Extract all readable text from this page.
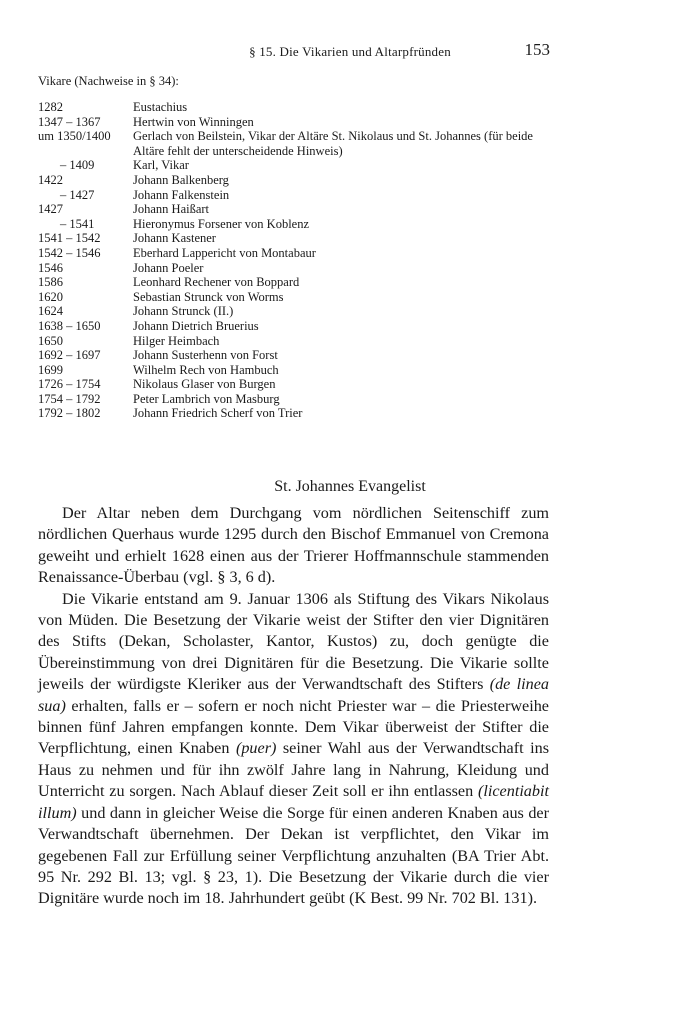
§ 15. Die Vikarien und Altarpfründen	153
Vikare (Nachweise in § 34):
1282	Eustachius
1347 – 1367	Hertwin von Winningen
um 1350/1400	Gerlach von Beilstein, Vikar der Altäre St. Nikolaus und St. Johannes (für beide Altäre fehlt der unterscheidende Hinweis)
– 1409	Karl, Vikar
1422	Johann Balkenberg
– 1427	Johann Falkenstein
1427	Johann Haißart
– 1541	Hieronymus Forsener von Koblenz
1541 – 1542	Johann Kastener
1542 – 1546	Eberhard Lappericht von Montabaur
1546	Johann Poeler
1586	Leonhard Rechener von Boppard
1620	Sebastian Strunck von Worms
1624	Johann Strunck (II.)
1638 – 1650	Johann Dietrich Bruerius
1650	Hilger Heimbach
1692 – 1697	Johann Susterhenn von Forst
1699	Wilhelm Rech von Hambuch
1726 – 1754	Nikolaus Glaser von Burgen
1754 – 1792	Peter Lambrich von Masburg
1792 – 1802	Johann Friedrich Scherf von Trier
St. Johannes Evangelist

Der Altar neben dem Durchgang vom nördlichen Seitenschiff zum nördlichen Querhaus wurde 1295 durch den Bischof Emmanuel von Cremona geweiht und erhielt 1628 einen aus der Trierer Hoffmannschule stammenden Renaissance-Überbau (vgl. § 3, 6 d).

Die Vikarie entstand am 9. Januar 1306 als Stiftung des Vikars Nikolaus von Müden. Die Besetzung der Vikarie weist der Stifter den vier Dignitären des Stifts (Dekan, Scholaster, Kantor, Kustos) zu, doch genügte die Übereinstimmung von drei Dignitären für die Besetzung. Die Vikarie sollte jeweils der würdigste Kleriker aus der Verwandtschaft des Stifters (de linea sua) erhalten, falls er – sofern er noch nicht Priester war – die Priesterweihe binnen fünf Jahren empfangen konnte. Dem Vikar überweist der Stifter die Verpflichtung, einen Knaben (puer) seiner Wahl aus der Verwandtschaft ins Haus zu nehmen und für ihn zwölf Jahre lang in Nahrung, Kleidung und Unterricht zu sorgen. Nach Ablauf dieser Zeit soll er ihn entlassen (licentiabit illum) und dann in gleicher Weise die Sorge für einen anderen Knaben aus der Verwandtschaft übernehmen. Der Dekan ist verpflichtet, den Vikar im gegebenen Fall zur Erfüllung seiner Verpflichtung anzuhalten (BA Trier Abt. 95 Nr. 292 Bl. 13; vgl. § 23, 1). Die Besetzung der Vikarie durch die vier Dignitäre wurde noch im 18. Jahrhundert geübt (K Best. 99 Nr. 702 Bl. 131).
